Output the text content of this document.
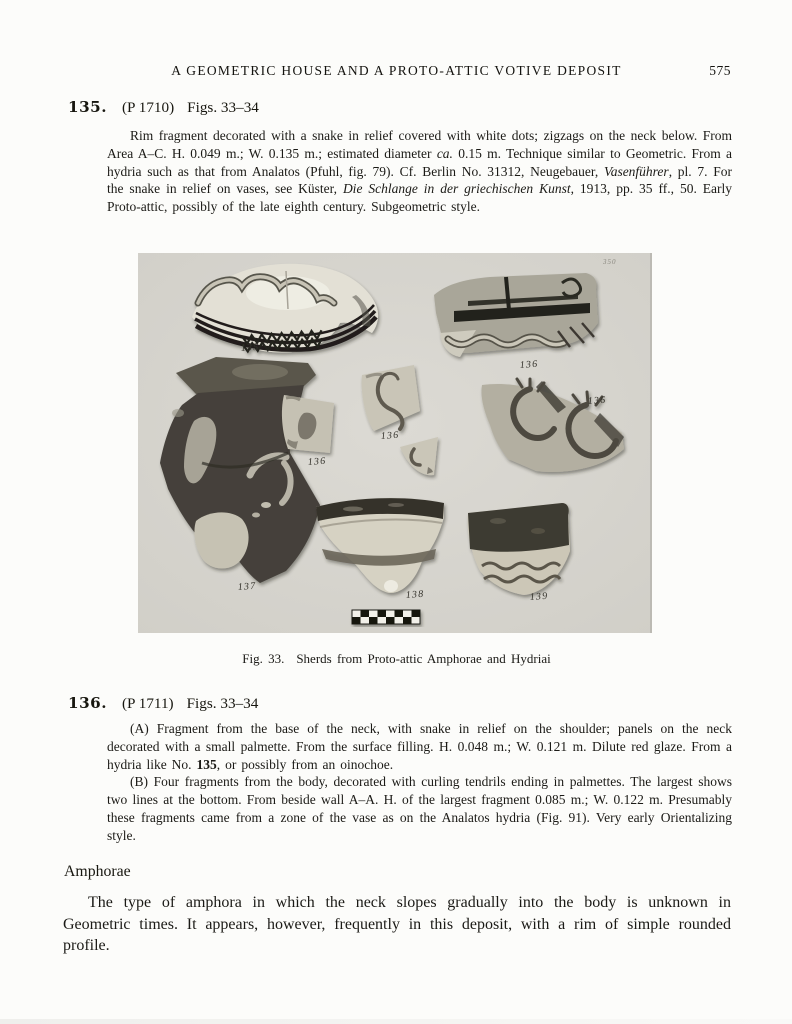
A GEOMETRIC HOUSE AND A PROTO-ATTIC VOTIVE DEPOSIT	575
135. (P 1710) Figs. 33–34

Rim fragment decorated with a snake in relief covered with white dots; zigzags on the neck below. From Area A–C. H. 0.049 m.; W. 0.135 m.; estimated diameter ca. 0.15 m. Technique similar to Geometric. From a hydria such as that from Analatos (Pfuhl, fig. 79). Cf. Berlin No. 31312, Neugebauer, Vasenführer, pl. 7. For the snake in relief on vases, see Küster, Die Schlange in der griechischen Kunst, 1913, pp. 35 ff., 50. Early Proto-attic, possibly of the late eighth century. Subgeometric style.

350
135
136
137
136
136
136
138	139
Fig. 33. Sherds from Proto-attic Amphorae and Hydriai
136. (P 1711) Figs. 33–34

(A) Fragment from the base of the neck, with snake in relief on the shoulder; panels on the neck decorated with a small palmette. From the surface filling. H. 0.048 m.; W. 0.121 m. Dilute red glaze. From a hydria like No. 135, or possibly from an oinochoe.

(B) Four fragments from the body, decorated with curling tendrils ending in palmettes. The largest shows two lines at the bottom. From beside wall A–A. H. of the largest fragment 0.085 m.; W. 0.122 m. Presumably these fragments came from a zone of the vase as on the Analatos hydria (Fig. 91). Very early Orientalizing style.

Amphorae

The type of amphora in which the neck slopes gradually into the body is unknown in Geometric times. It appears, however, frequently in this deposit, with a rim of simple rounded profile.
